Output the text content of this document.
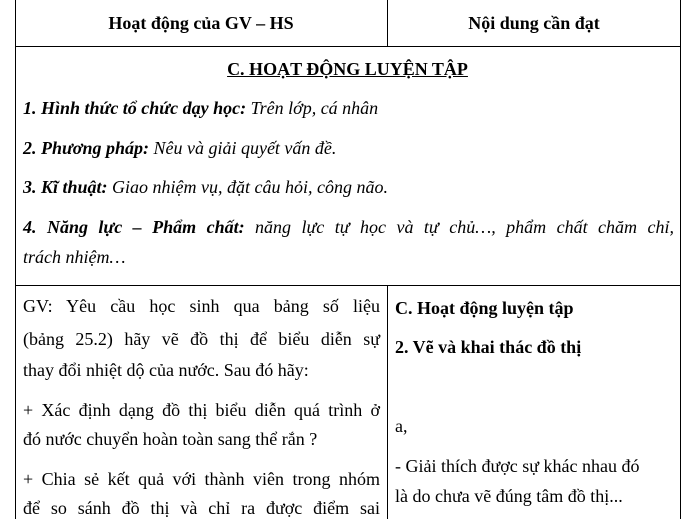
Hoạt động của GV – HS	Nội dung cần đạt
C. HOẠT ĐỘNG LUYỆN TẬP
1. Hình thức tổ chức dạy học: Trên lớp, cá nhân
2. Phương pháp: Nêu và giải quyết vấn đề.
3. Kĩ thuật: Giao nhiệm vụ, đặt câu hỏi, công não.
4. Năng lực – Phẩm chất: năng lực tự học và tự chủ…, phẩm chất chăm chỉ,
trách nhiệm…
GV: Yêu cầu học sinh qua bảng số liệu
(bảng 25.2) hãy vẽ đồ thị để biểu diễn sự
thay đổi nhiệt dộ của nước. Sau đó hãy:
+ Xác định dạng đồ thị biểu diễn quá trình ở
đó nước chuyển hoàn toàn sang thể rắn ?
+ Chia sẻ kết quả với thành viên trong nhóm
để so sánh đồ thị và chỉ ra được điểm sai
C. Hoạt động luyện tập
2. Vẽ và khai thác đồ thị
a,
- Giải thích được sự khác nhau đó
là do chưa vẽ đúng tâm đồ thị...
